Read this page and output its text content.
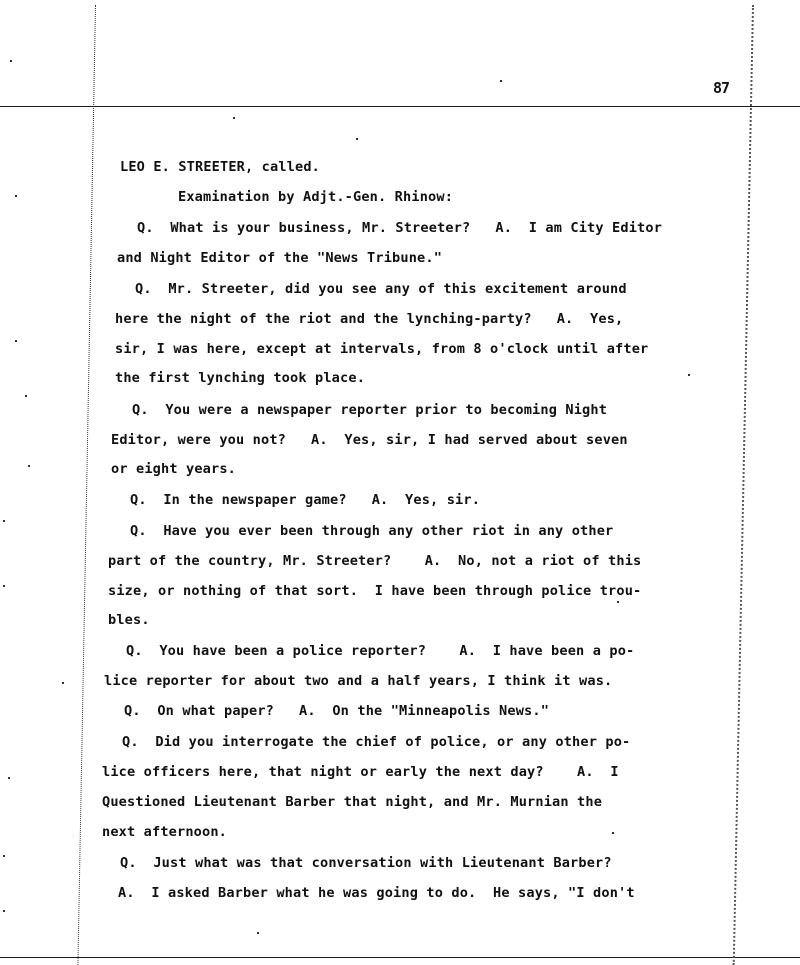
87
LEO E. STREETER, called.
Examination by Adjt.-Gen. Rhinow:
Q.  What is your business, Mr. Streeter?   A.  I am City Editor
and Night Editor of the "News Tribune."
Q.  Mr. Streeter, did you see any of this excitement around
here the night of the riot and the lynching-party?   A.  Yes,
sir, I was here, except at intervals, from 8 o'clock until after
the first lynching took place.
Q.  You were a newspaper reporter prior to becoming Night
Editor, were you not?   A.  Yes, sir, I had served about seven
or eight years.
Q.  In the newspaper game?   A.  Yes, sir.
Q.  Have you ever been through any other riot in any other
part of the country, Mr. Streeter?    A.  No, not a riot of this
size, or nothing of that sort.  I have been through police trou-
bles.
Q.  You have been a police reporter?    A.  I have been a po-
lice reporter for about two and a half years, I think it was.
Q.  On what paper?   A.  On the "Minneapolis News."
Q.  Did you interrogate the chief of police, or any other po-
lice officers here, that night or early the next day?    A.  I
Questioned Lieutenant Barber that night, and Mr. Murnian the
next afternoon.
Q.  Just what was that conversation with Lieutenant Barber?
A.  I asked Barber what he was going to do.  He says, "I don't
